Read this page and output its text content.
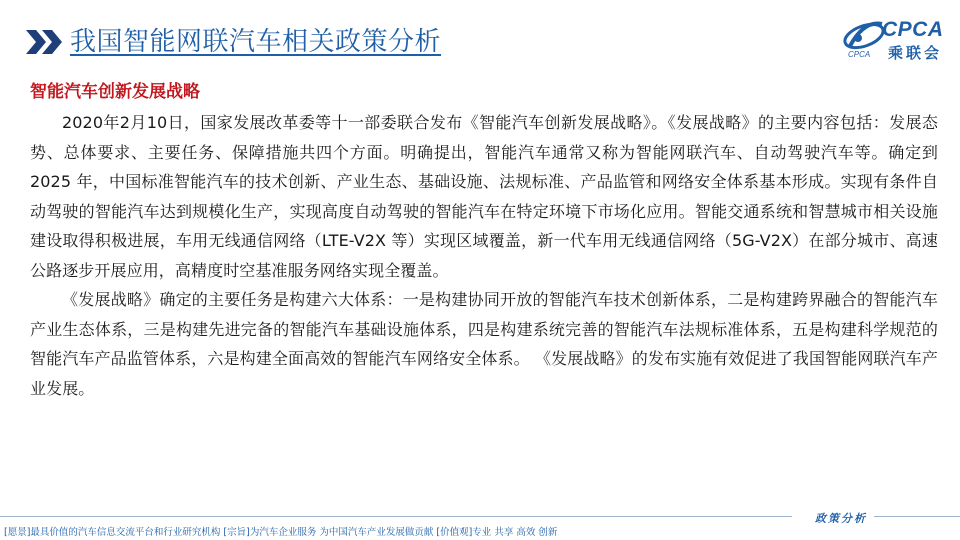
我国智能网联汽车相关政策分析	CPCA
乘联会
CPCA
智能汽车创新发展战略

2020年2月10日，国家发展改革委等十一部委联合发布《智能汽车创新发展战略》。《发展战略》的主要内容包括：发展态势、总体要求、主要任务、保障措施共四个方面。明确提出，智能汽车通常又称为智能网联汽车、自动驾驶汽车等。确定到2025 年，中国标准智能汽车的技术创新、产业生态、基础设施、法规标准、产品监管和网络安全体系基本形成。实现有条件自动驾驶的智能汽车达到规模化生产，实现高度自动驾驶的智能汽车在特定环境下市场化应用。智能交通系统和智慧城市相关设施建设取得积极进展，车用无线通信网络（LTE-V2X 等）实现区域覆盖，新一代车用无线通信网络（5G-V2X）在部分城市、高速公路逐步开展应用，高精度时空基准服务网络实现全覆盖。

《发展战略》确定的主要任务是构建六大体系：一是构建协同开放的智能汽车技术创新体系，二是构建跨界融合的智能汽车产业生态体系，三是构建先进完备的智能汽车基础设施体系，四是构建系统完善的智能汽车法规标准体系，五是构建科学规范的智能汽车产品监管体系，六是构建全面高效的智能汽车网络安全体系。 《发展战略》的发布实施有效促进了我国智能网联汽车产业发展。

政策分析
[愿景]最具价值的汽车信息交流平台和行业研究机构 [宗旨]为汽车企业服务 为中国汽车产业发展做贡献 [价值观]专业 共享 高效 创新
